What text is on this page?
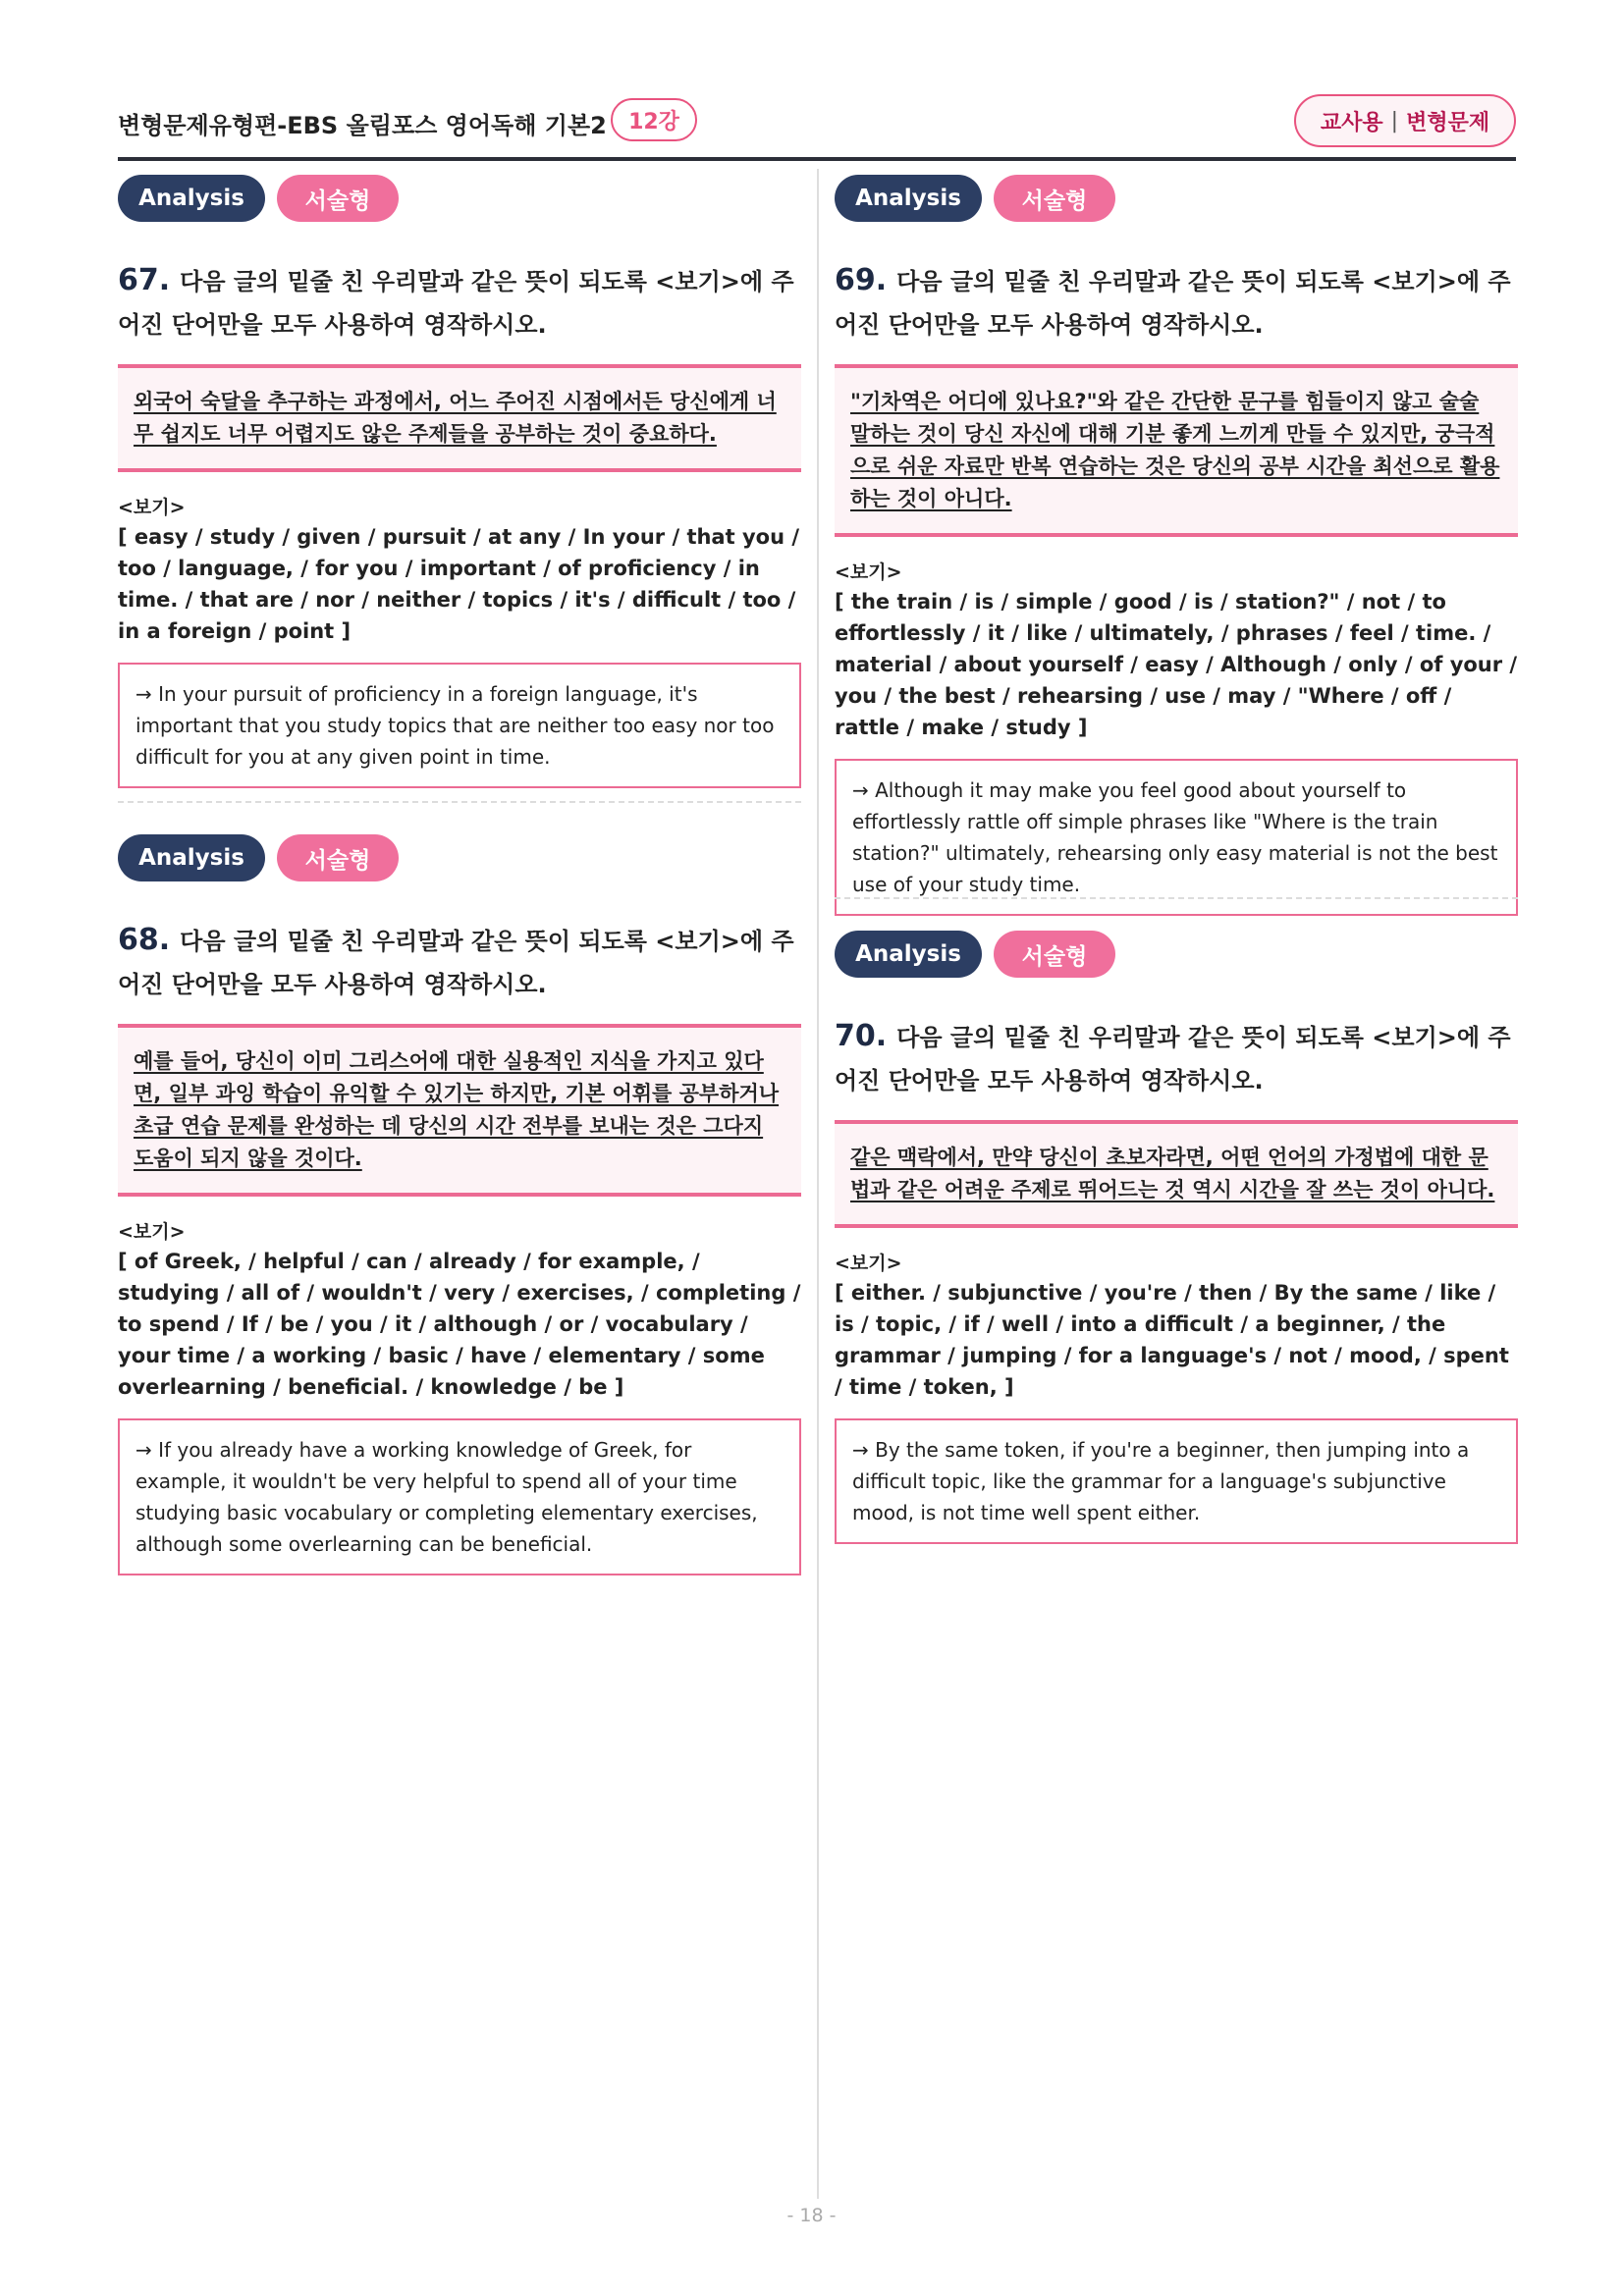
변형문제유형편-EBS 올림포스 영어독해 기본2	12강	교사용 | 변형문제
Analysis	서술형
67. 다음 글의 밑줄 친 우리말과 같은 뜻이 되도록 <보기>에 주어진 단어만을 모두 사용하여 영작하시오.
외국어 숙달을 추구하는 과정에서, 어느 주어진 시점에서든 당신에게 너무 쉽지도 너무 어렵지도 않은 주제들을 공부하는 것이 중요하다.
<보기>
[ easy / study / given / pursuit / at any / In your / that you / too / language, / for you / important / of proficiency / in time. / that are / nor / neither / topics / it's / difficult / too / in a foreign / point ]
→ In your pursuit of proficiency in a foreign language, it's important that you study topics that are neither too easy nor too difficult for you at any given point in time.
Analysis	서술형
68. 다음 글의 밑줄 친 우리말과 같은 뜻이 되도록 <보기>에 주어진 단어만을 모두 사용하여 영작하시오.
예를 들어, 당신이 이미 그리스어에 대한 실용적인 지식을 가지고 있다면, 일부 과잉 학습이 유익할 수 있기는 하지만, 기본 어휘를 공부하거나 초급 연습 문제를 완성하는 데 당신의 시간 전부를 보내는 것은 그다지 도움이 되지 않을 것이다.
<보기>
[ of Greek, / helpful / can / already / for example, / studying / all of / wouldn't / very / exercises, / completing / to spend / If / be / you / it / although / or / vocabulary / your time / a working / basic / have / elementary / some overlearning / beneficial. / knowledge / be ]
→ If you already have a working knowledge of Greek, for example, it wouldn't be very helpful to spend all of your time studying basic vocabulary or completing elementary exercises, although some overlearning can be beneficial.
Analysis	서술형
69. 다음 글의 밑줄 친 우리말과 같은 뜻이 되도록 <보기>에 주어진 단어만을 모두 사용하여 영작하시오.
"기차역은 어디에 있나요?"와 같은 간단한 문구를 힘들이지 않고 술술 말하는 것이 당신 자신에 대해 기분 좋게 느끼게 만들 수 있지만, 궁극적으로 쉬운 자료만 반복 연습하는 것은 당신의 공부 시간을 최선으로 활용하는 것이 아니다.
<보기>
[ the train / is / simple / good / is / station?" / not / to effortlessly / it / like / ultimately, / phrases / feel / time. / material / about yourself / easy / Although / only / of your / you / the best / rehearsing / use / may / "Where / off / rattle / make / study ]
→ Although it may make you feel good about yourself to effortlessly rattle off simple phrases like "Where is the train station?" ultimately, rehearsing only easy material is not the best use of your study time.
Analysis	서술형
70. 다음 글의 밑줄 친 우리말과 같은 뜻이 되도록 <보기>에 주어진 단어만을 모두 사용하여 영작하시오.
같은 맥락에서, 만약 당신이 초보자라면, 어떤 언어의 가정법에 대한 문법과 같은 어려운 주제로 뛰어드는 것 역시 시간을 잘 쓰는 것이 아니다.
<보기>
[ either. / subjunctive / you're / then / By the same / like / is / topic, / if / well / into a difficult / a beginner, / the grammar / jumping / for a language's / not / mood, / spent / time / token, ]
→ By the same token, if you're a beginner, then jumping into a difficult topic, like the grammar for a language's subjunctive mood, is not time well spent either.
- 18 -
